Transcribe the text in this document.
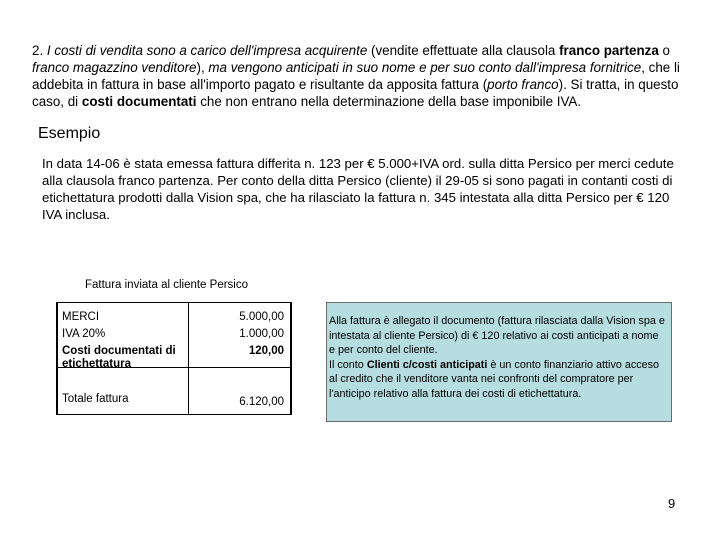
2. I costi di vendita sono a carico dell'impresa acquirente (vendite effettuate alla clausola franco partenza o franco magazzino venditore), ma vengono anticipati in suo nome e per suo conto dall'impresa fornitrice, che li addebita in fattura in base all'importo pagato e risultante da apposita fattura (porto franco). Si tratta, in questo caso, di costi documentati che non entrano nella determinazione della base imponibile IVA.

Esempio

In data 14-06 è stata emessa fattura differita n. 123 per € 5.000+IVA ord. sulla ditta Persico per merci cedute alla clausola franco partenza. Per conto della ditta Persico (cliente) il 29-05 si sono pagati in contanti costi di etichettatura prodotti dalla Vision spa, che ha rilasciato la fattura n. 345 intestata alla ditta Persico per € 120 IVA inclusa.

Fattura inviata al cliente Persico
MERCI
IVA 20%
Costi documentati di etichettatura
5.000,00
1.000,00
120,00
Totale fattura	6.120,00

Alla fattura è allegato il documento (fattura rilasciata dalla Vision spa e intestata al cliente Persico) di € 120 relativo ai costi anticipati a nome e per conto del cliente.

Il conto Clienti c/costi anticipati è un conto finanziario attivo acceso al credito che il venditore vanta nei confronti del compratore per l'anticipo relativo alla fattura dei costi di etichettatura.

9
